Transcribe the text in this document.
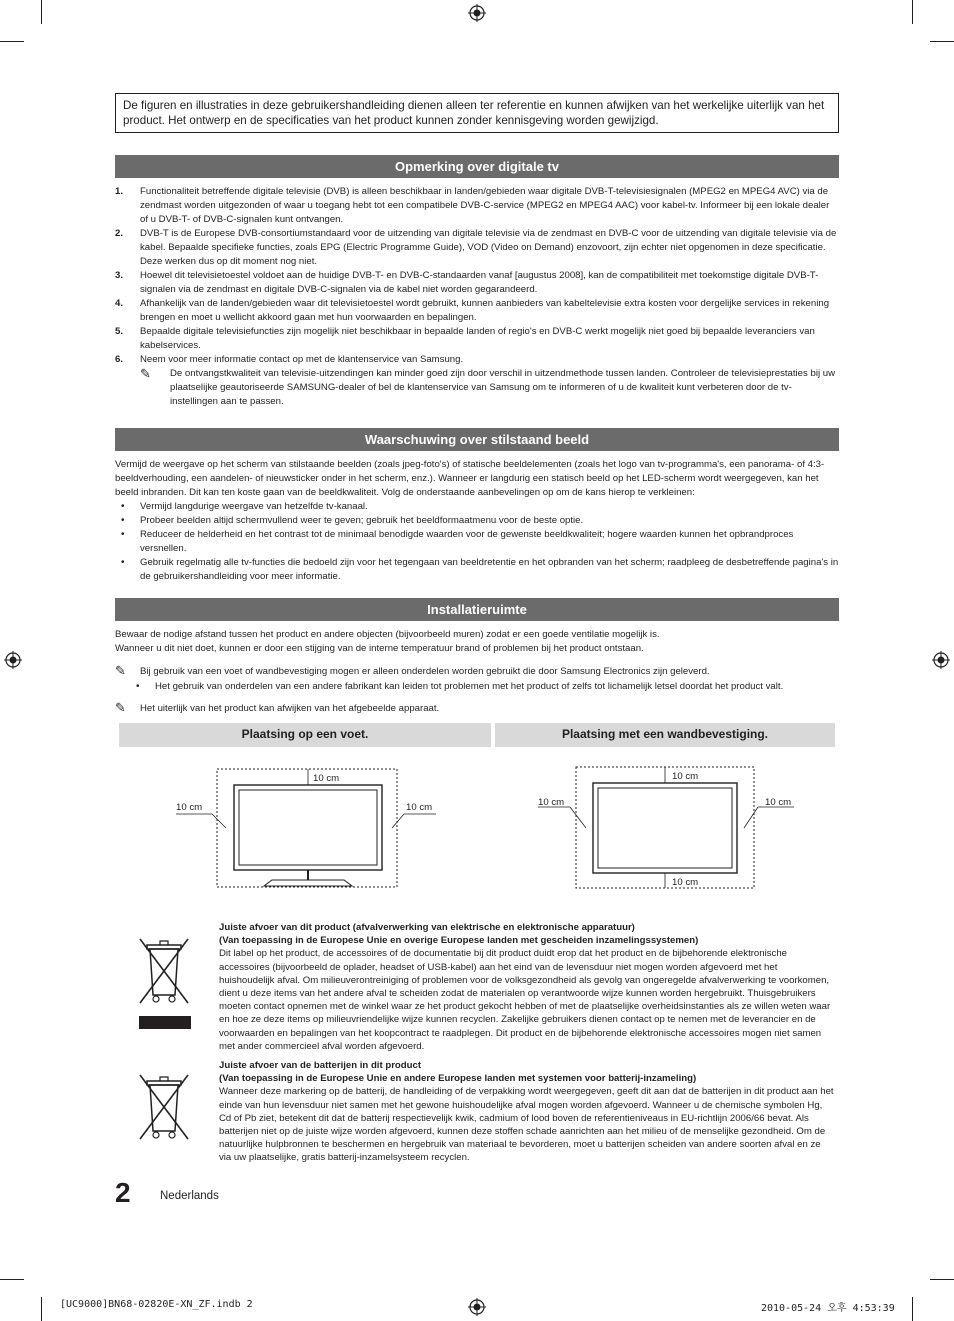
De figuren en illustraties in deze gebruikershandleiding dienen alleen ter referentie en kunnen afwijken van het werkelijke uiterlijk van het product. Het ontwerp en de specificaties van het product kunnen zonder kennisgeving worden gewijzigd.
Opmerking over digitale tv
1. Functionaliteit betreffende digitale televisie (DVB) is alleen beschikbaar in landen/gebieden waar digitale DVB-T-televisiesignalen (MPEG2 en MPEG4 AVC) via de zendmast worden uitgezonden of waar u toegang hebt tot een compatibele DVB-C-service (MPEG2 en MPEG4 AAC) voor kabel-tv. Informeer bij een lokale dealer of u DVB-T- of DVB-C-signalen kunt ontvangen.
2. DVB-T is de Europese DVB-consortiumstandaard voor de uitzending van digitale televisie via de zendmast en DVB-C voor de uitzending van digitale televisie via de kabel. Bepaalde specifieke functies, zoals EPG (Electric Programme Guide), VOD (Video on Demand) enzovoort, zijn echter niet opgenomen in deze specificatie. Deze werken dus op dit moment nog niet.
3. Hoewel dit televisietoestel voldoet aan de huidige DVB-T- en DVB-C-standaarden vanaf [augustus 2008], kan de compatibiliteit met toekomstige digitale DVB-T-signalen via de zendmast en digitale DVB-C-signalen via de kabel niet worden gegarandeerd.
4. Afhankelijk van de landen/gebieden waar dit televisietoestel wordt gebruikt, kunnen aanbieders van kabeltelevisie extra kosten voor dergelijke services in rekening brengen en moet u wellicht akkoord gaan met hun voorwaarden en bepalingen.
5. Bepaalde digitale televisiefuncties zijn mogelijk niet beschikbaar in bepaalde landen of regio's en DVB-C werkt mogelijk niet goed bij bepaalde leveranciers van kabelservices.
6. Neem voor meer informatie contact op met de klantenservice van Samsung.
✎ De ontvangstkwaliteit van televisie-uitzendingen kan minder goed zijn door verschil in uitzendmethode tussen landen. Controleer de televisieprestaties bij uw plaatselijke geautoriseerde SAMSUNG-dealer of bel de klantenservice van Samsung om te informeren of u de kwaliteit kunt verbeteren door de tv-instellingen aan te passen.
Waarschuwing over stilstaand beeld
Vermijd de weergave op het scherm van stilstaande beelden (zoals jpeg-foto's) of statische beeldelementen (zoals het logo van tv-programma's, een panorama- of 4:3-beeldverhouding, een aandelen- of nieuwsticker onder in het scherm, enz.). Wanneer er langdurig een statisch beeld op het LED-scherm wordt weergegeven, kan het beeld inbranden. Dit kan ten koste gaan van de beeldkwaliteit. Volg de onderstaande aanbevelingen op om de kans hierop te verkleinen:
• Vermijd langdurige weergave van hetzelfde tv-kanaal.
• Probeer beelden altijd schermvullend weer te geven; gebruik het beeldformaatmenu voor de beste optie.
• Reduceer de helderheid en het contrast tot de minimaal benodigde waarden voor de gewenste beeldkwaliteit; hogere waarden kunnen het opbrandproces versnellen.
• Gebruik regelmatig alle tv-functies die bedoeld zijn voor het tegengaan van beeldretentie en het opbranden van het scherm; raadpleeg de desbetreffende pagina's in de gebruikershandleiding voor meer informatie.
Installatieruimte
Bewaar de nodige afstand tussen het product en andere objecten (bijvoorbeeld muren) zodat er een goede ventilatie mogelijk is.
Wanneer u dit niet doet, kunnen er door een stijging van de interne temperatuur brand of problemen bij het product ontstaan.
✎ Bij gebruik van een voet of wandbevestiging mogen er alleen onderdelen worden gebruikt die door Samsung Electronics zijn geleverd.
• Het gebruik van onderdelen van een andere fabrikant kan leiden tot problemen met het product of zelfs tot lichamelijk letsel doordat het product valt.
✎ Het uiterlijk van het product kan afwijken van het afgebeelde apparaat.
Plaatsing op een voet.	Plaatsing met een wandbevestiging.
10 cm
10 cm	10 cm
10 cm
10 cm
10 cm	10 cm
Juiste afvoer van dit product (afvalverwerking van elektrische en elektronische apparatuur)
(Van toepassing in de Europese Unie en overige Europese landen met gescheiden inzamelingssystemen)
Dit label op het product, de accessoires of de documentatie bij dit product duidt erop dat het product en de bijbehorende elektronische accessoires (bijvoorbeeld de oplader, headset of USB-kabel) aan het eind van de levensduur niet mogen worden afgevoerd met het huishoudelijk afval. Om milieuverontreiniging of problemen voor de volksgezondheid als gevolg van ongeregelde afvalverwerking te voorkomen, dient u deze items van het andere afval te scheiden zodat de materialen op verantwoorde wijze kunnen worden hergebruikt. Thuisgebruikers moeten contact opnemen met de winkel waar ze het product gekocht hebben of met de plaatselijke overheidsinstanties als ze willen weten waar en hoe ze deze items op milieuvriendelijke wijze kunnen recyclen. Zakelijke gebruikers dienen contact op te nemen met de leverancier en de voorwaarden en bepalingen van het koopcontract te raadplegen. Dit product en de bijbehorende elektronische accessoires mogen niet samen met ander commercieel afval worden afgevoerd.
Juiste afvoer van de batterijen in dit product
(Van toepassing in de Europese Unie en andere Europese landen met systemen voor batterij-inzameling)
Wanneer deze markering op de batterij, de handleiding of de verpakking wordt weergegeven, geeft dit aan dat de batterijen in dit product aan het einde van hun levensduur niet samen met het gewone huishoudelijke afval mogen worden afgevoerd. Wanneer u de chemische symbolen Hg, Cd of Pb ziet, betekent dit dat de batterij respectievelijk kwik, cadmium of lood boven de referentieniveaus in EU-richtlijn 2006/66 bevat. Als batterijen niet op de juiste wijze worden afgevoerd, kunnen deze stoffen schade aanrichten aan het milieu of de menselijke gezondheid. Om de natuurlijke hulpbronnen te beschermen en hergebruik van materiaal te bevorderen, moet u batterijen scheiden van andere soorten afval en ze via uw plaatselijke, gratis batterij-inzamelsysteem recyclen.
2	Nederlands
[UC9000]BN68-02820E-XN_ZF.indb 2	2010-05-24 오후 4:53:39
